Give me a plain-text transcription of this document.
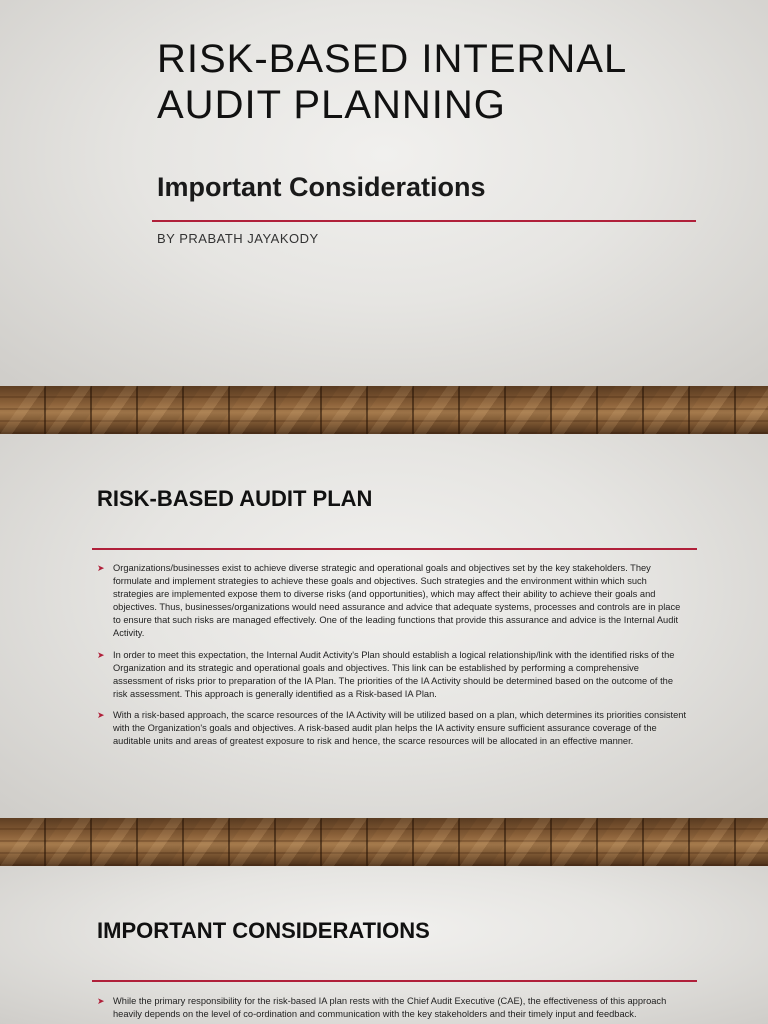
RISK-BASED INTERNAL
AUDIT PLANNING
Important Considerations
BY PRABATH JAYAKODY
RISK-BASED AUDIT PLAN
➤ Organizations/businesses exist to achieve diverse strategic and operational goals and objectives set by the key stakeholders. They formulate and implement strategies to achieve these goals and objectives. Such strategies and the environment within which such strategies are implemented expose them to diverse risks (and opportunities), which may affect their ability to achieve their goals and objectives. Thus, businesses/organizations would need assurance and advice that adequate systems, processes and controls are in place to ensure that such risks are managed effectively. One of the leading functions that provide this assurance and advice is the Internal Audit Activity.
➤ In order to meet this expectation, the Internal Audit Activity's Plan should establish a logical relationship/link with the identified risks of the Organization and its strategic and operational goals and objectives. This link can be established by performing a comprehensive assessment of risks prior to preparation of the IA Plan. The priorities of the IA Activity should be determined based on the outcome of the risk assessment. This approach is generally identified as a Risk-based IA Plan.
➤ With a risk-based approach, the scarce resources of the IA Activity will be utilized based on a plan, which determines its priorities consistent with the Organization's goals and objectives. A risk-based audit plan helps the IA activity ensure sufficient assurance coverage of the auditable units and areas of greatest exposure to risk and hence, the scarce resources will be allocated in an effective manner.
IMPORTANT CONSIDERATIONS
➤ While the primary responsibility for the risk-based IA plan rests with the Chief Audit Executive (CAE), the effectiveness of this approach heavily depends on the level of co-ordination and communication with the key stakeholders and their timely input and feedback.
